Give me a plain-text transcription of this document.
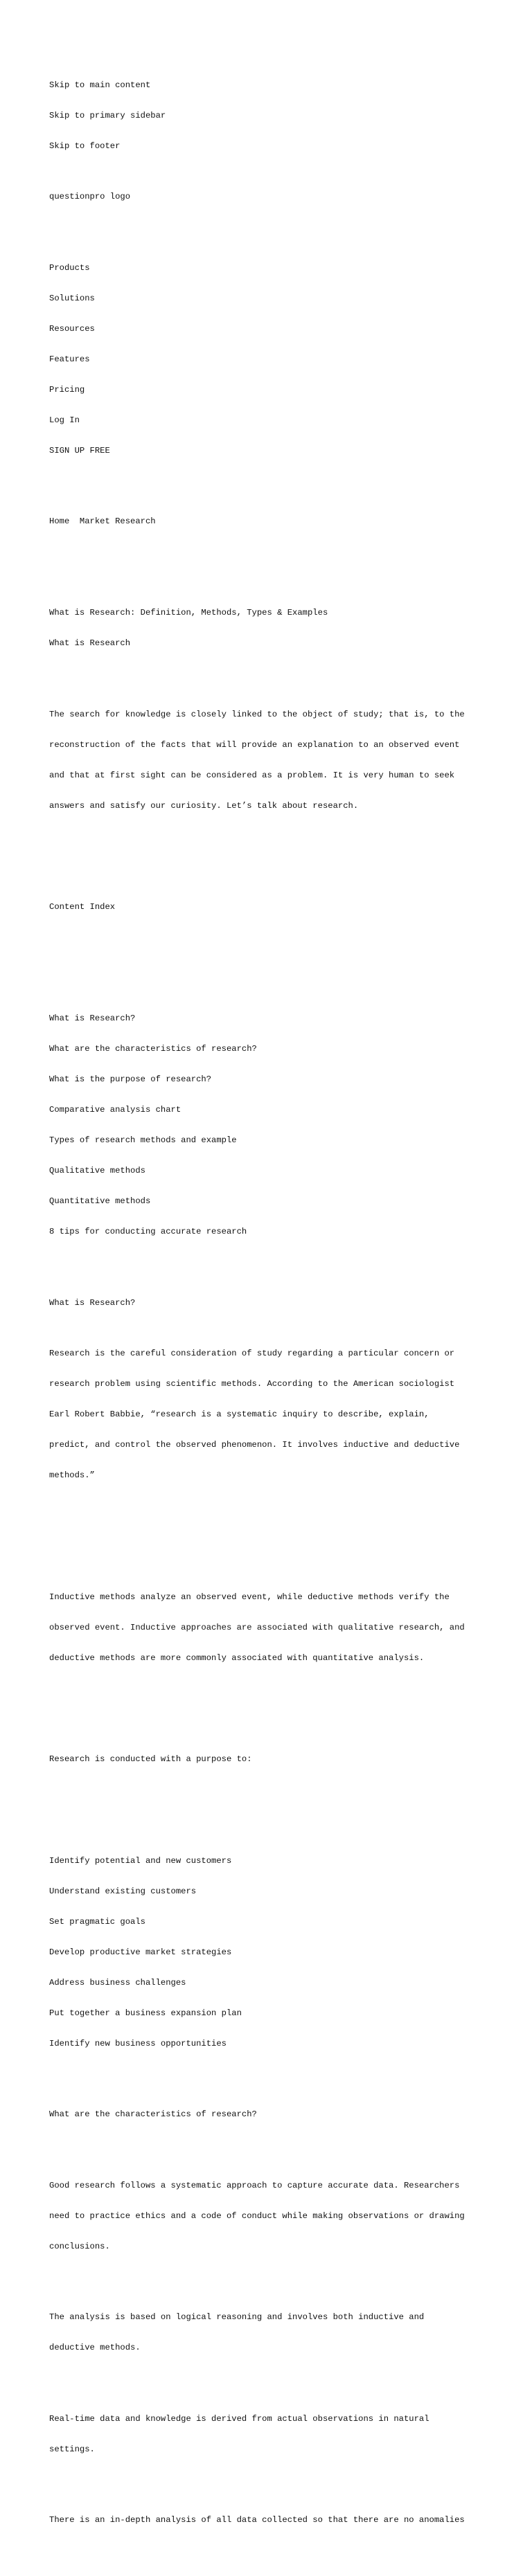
Skip to main content

Skip to primary sidebar

Skip to footer

questionpro logo

Products

Solutions

Resources

Features

Pricing

Log In

SIGN UP FREE

Home Market Research

What is Research: Definition, Methods, Types & Examples

What is Research

The search for knowledge is closely linked to the object of study; that is, to the

reconstruction of the facts that will provide an explanation to an observed event

and that at first sight can be considered as a problem. It is very human to seek

answers and satisfy our curiosity. Let’s talk about research.

Content Index

What is Research?

What are the characteristics of research?

What is the purpose of research?

Comparative analysis chart

Types of research methods and example

Qualitative methods

Quantitative methods

8 tips for conducting accurate research

What is Research?

Research is the careful consideration of study regarding a particular concern or

research problem using scientific methods. According to the American sociologist

Earl Robert Babbie, “research is a systematic inquiry to describe, explain,

predict, and control the observed phenomenon. It involves inductive and deductive

methods.”

Inductive methods analyze an observed event, while deductive methods verify the

observed event. Inductive approaches are associated with qualitative research, and

deductive methods are more commonly associated with quantitative analysis.

Research is conducted with a purpose to:

Identify potential and new customers

Understand existing customers

Set pragmatic goals

Develop productive market strategies

Address business challenges

Put together a business expansion plan

Identify new business opportunities

What are the characteristics of research?

Good research follows a systematic approach to capture accurate data. Researchers

need to practice ethics and a code of conduct while making observations or drawing

conclusions.

The analysis is based on logical reasoning and involves both inductive and

deductive methods.

Real-time data and knowledge is derived from actual observations in natural

settings.

There is an in-depth analysis of all data collected so that there are no anomalies
